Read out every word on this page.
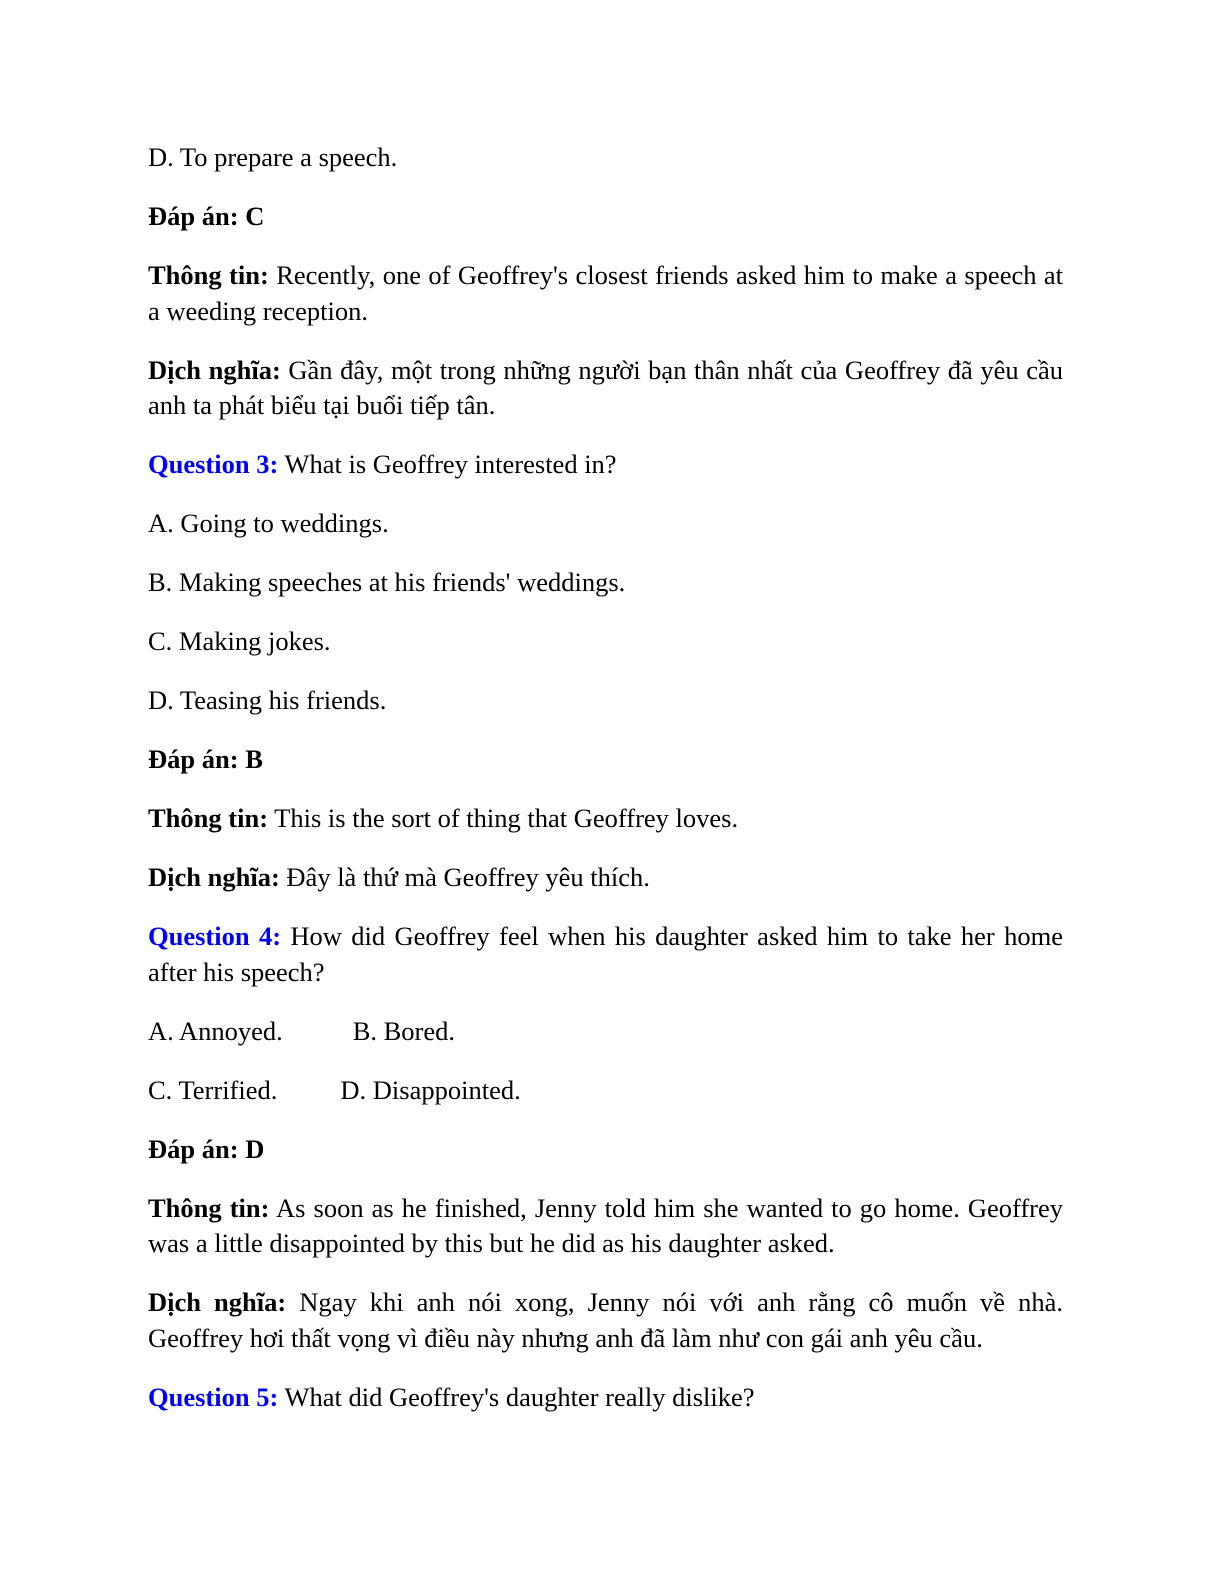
D. To prepare a speech.

Đáp án: C

Thông tin: Recently, one of Geoffrey's closest friends asked him to make a speech at a weeding reception.

Dịch nghĩa: Gần đây, một trong những người bạn thân nhất của Geoffrey đã yêu cầu anh ta phát biểu tại buổi tiếp tân.

Question 3: What is Geoffrey interested in?

A. Going to weddings.

B. Making speeches at his friends' weddings.

C. Making jokes.

D. Teasing his friends.

Đáp án: B

Thông tin: This is the sort of thing that Geoffrey loves.

Dịch nghĩa: Đây là thứ mà Geoffrey yêu thích.

Question 4: How did Geoffrey feel when his daughter asked him to take her home after his speech?

A. Annoyed.	B. Bored.

C. Terrified. D. Disappointed.

Đáp án: D

Thông tin: As soon as he finished, Jenny told him she wanted to go home. Geoffrey was a little disappointed by this but he did as his daughter asked.

Dịch nghĩa: Ngay khi anh nói xong, Jenny nói với anh rằng cô muốn về nhà. Geoffrey hơi thất vọng vì điều này nhưng anh đã làm như con gái anh yêu cầu.

Question 5: What did Geoffrey's daughter really dislike?
